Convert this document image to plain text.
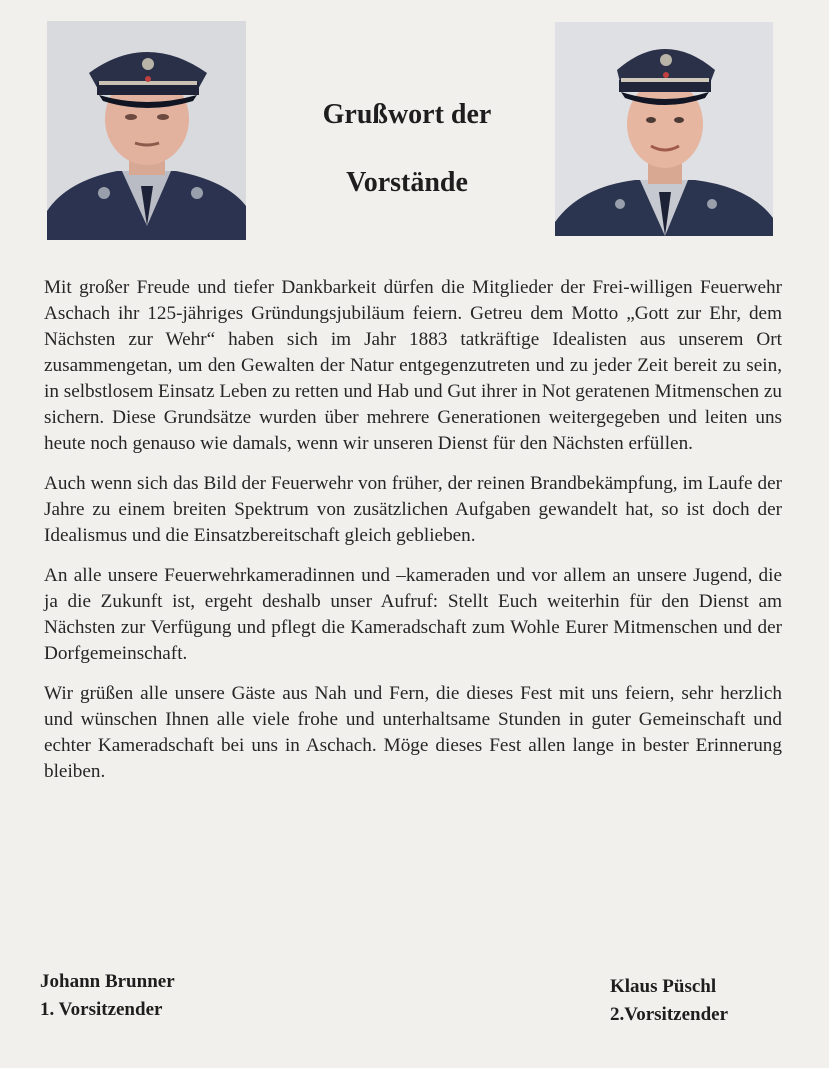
Grußwort der
Vorstände

Mit großer Freude und tiefer Dankbarkeit dürfen die Mitglieder der Frei-willigen Feuerwehr Aschach ihr 125-jähriges Gründungsjubiläum feiern. Getreu dem Motto „Gott zur Ehr, dem Nächsten zur Wehr“ haben sich im Jahr 1883 tatkräftige Idealisten aus unserem Ort zusammengetan, um den Gewalten der Natur entgegenzutreten und zu jeder Zeit bereit zu sein, in selbstlosem Einsatz Leben zu retten und Hab und Gut ihrer in Not geratenen Mitmenschen zu sichern. Diese Grundsätze wurden über mehrere Generationen weitergegeben und leiten uns heute noch genauso wie damals, wenn wir unseren Dienst für den Nächsten erfüllen.

Auch wenn sich das Bild der Feuerwehr von früher, der reinen Brandbekämpfung, im Laufe der Jahre zu einem breiten Spektrum von zusätzlichen Aufgaben gewandelt hat, so ist doch der Idealismus und die Einsatzbereitschaft gleich geblieben.

An alle unsere Feuerwehrkameradinnen und –kameraden und vor allem an unsere Jugend, die ja die Zukunft ist, ergeht deshalb unser Aufruf: Stellt Euch weiterhin für den Dienst am Nächsten zur Verfügung und pflegt die Kameradschaft zum Wohle Eurer Mitmenschen und der Dorfgemeinschaft.

Wir grüßen alle unsere Gäste aus Nah und Fern, die dieses Fest mit uns feiern, sehr herzlich und wünschen Ihnen alle viele frohe und unterhaltsame Stunden in guter Gemeinschaft und echter Kameradschaft bei uns in Aschach. Möge dieses Fest allen lange in bester Erinnerung bleiben.

Johann Brunner
1. Vorsitzender
Klaus Püschl
2.Vorsitzender
